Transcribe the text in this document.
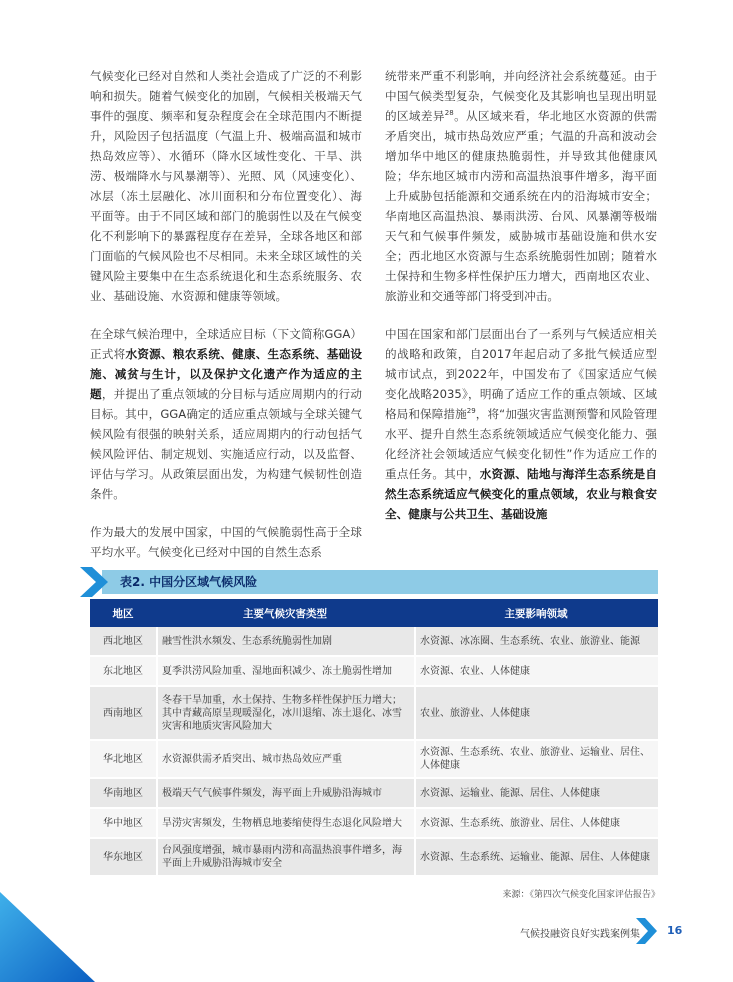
气候变化已经对自然和人类社会造成了广泛的不利影响和损失。随着气候变化的加剧，气候相关极端天气事件的强度、频率和复杂程度会在全球范围内不断提升，风险因子包括温度（气温上升、极端高温和城市热岛效应等）、水循环（降水区域性变化、干旱、洪涝、极端降水与风暴潮等）、光照、风（风速变化）、冰层（冻土层融化、冰川面积和分布位置变化）、海平面等。由于不同区域和部门的脆弱性以及在气候变化不利影响下的暴露程度存在差异，全球各地区和部门面临的气候风险也不尽相同。未来全球区域性的关键风险主要集中在生态系统退化和生态系统服务、农业、基础设施、水资源和健康等领域。

在全球气候治理中，全球适应目标（下文简称GGA）正式将水资源、粮农系统、健康、生态系统、基础设施、减贫与生计，以及保护文化遗产作为适应的主题，并提出了重点领域的分目标与适应周期内的行动目标。其中，GGA确定的适应重点领域与全球关键气候风险有很强的映射关系，适应周期内的行动包括气候风险评估、制定规划、实施适应行动，以及监督、评估与学习。从政策层面出发，为构建气候韧性创造条件。

作为最大的发展中国家，中国的气候脆弱性高于全球平均水平。气候变化已经对中国的自然生态系

统带来严重不利影响，并向经济社会系统蔓延。由于中国气候类型复杂，气候变化及其影响也呈现出明显的区域差异$^{28}$。从区域来看，华北地区水资源的供需矛盾突出，城市热岛效应严重；气温的升高和波动会增加华中地区的健康热脆弱性，并导致其他健康风险；华东地区城市内涝和高温热浪事件增多，海平面上升威胁包括能源和交通系统在内的沿海城市安全；华南地区高温热浪、暴雨洪涝、台风、风暴潮等极端天气和气候事件频发，威胁城市基础设施和供水安全；西北地区水资源与生态系统脆弱性加剧；随着水土保持和生物多样性保护压力增大，西南地区农业、旅游业和交通等部门将受到冲击。

中国在国家和部门层面出台了一系列与气候适应相关的战略和政策，自2017年起启动了多批气候适应型城市试点，到2022年，中国发布了《国家适应气候变化战略2035》，明确了适应工作的重点领域、区域格局和保障措施$^{29}$，将“加强灾害监测预警和风险管理水平、提升自然生态系统领域适应气候变化能力、强化经济社会领域适应气候变化韧性”作为适应工作的重点任务。其中，水资源、陆地与海洋生态系统是自然生态系统适应气候变化的重点领域，农业与粮食安全、健康与公共卫生、基础设施

表2. 中国分区域气候风险
地区	主要气候灾害类型	主要影响领域
西北地区	融雪性洪水频发、生态系统脆弱性加剧	水资源、冰冻圈、生态系统、农业、旅游业、能源
东北地区	夏季洪涝风险加重、湿地面积减少、冻土脆弱性增加	水资源、农业、人体健康
西南地区	冬春干旱加重，水土保持、生物多样性保护压力增大；其中青藏高原呈现暖湿化，冰川退缩、冻土退化、冰雪灾害和地质灾害风险加大	农业、旅游业、人体健康
华北地区	水资源供需矛盾突出、城市热岛效应严重	水资源、生态系统、农业、旅游业、运输业、居住、人体健康
华南地区	极端天气气候事件频发，海平面上升威胁沿海城市	水资源、运输业、能源、居住、人体健康
华中地区	旱涝灾害频发，生物栖息地萎缩使得生态退化风险增大	水资源、生态系统、旅游业、居住、人体健康
华东地区	台风强度增强，城市暴雨内涝和高温热浪事件增多，海平面上升威胁沿海城市安全	水资源、生态系统、运输业、能源、居住、人体健康
来源：《第四次气候变化国家评估报告》
气候投融资良好实践案例集 16
